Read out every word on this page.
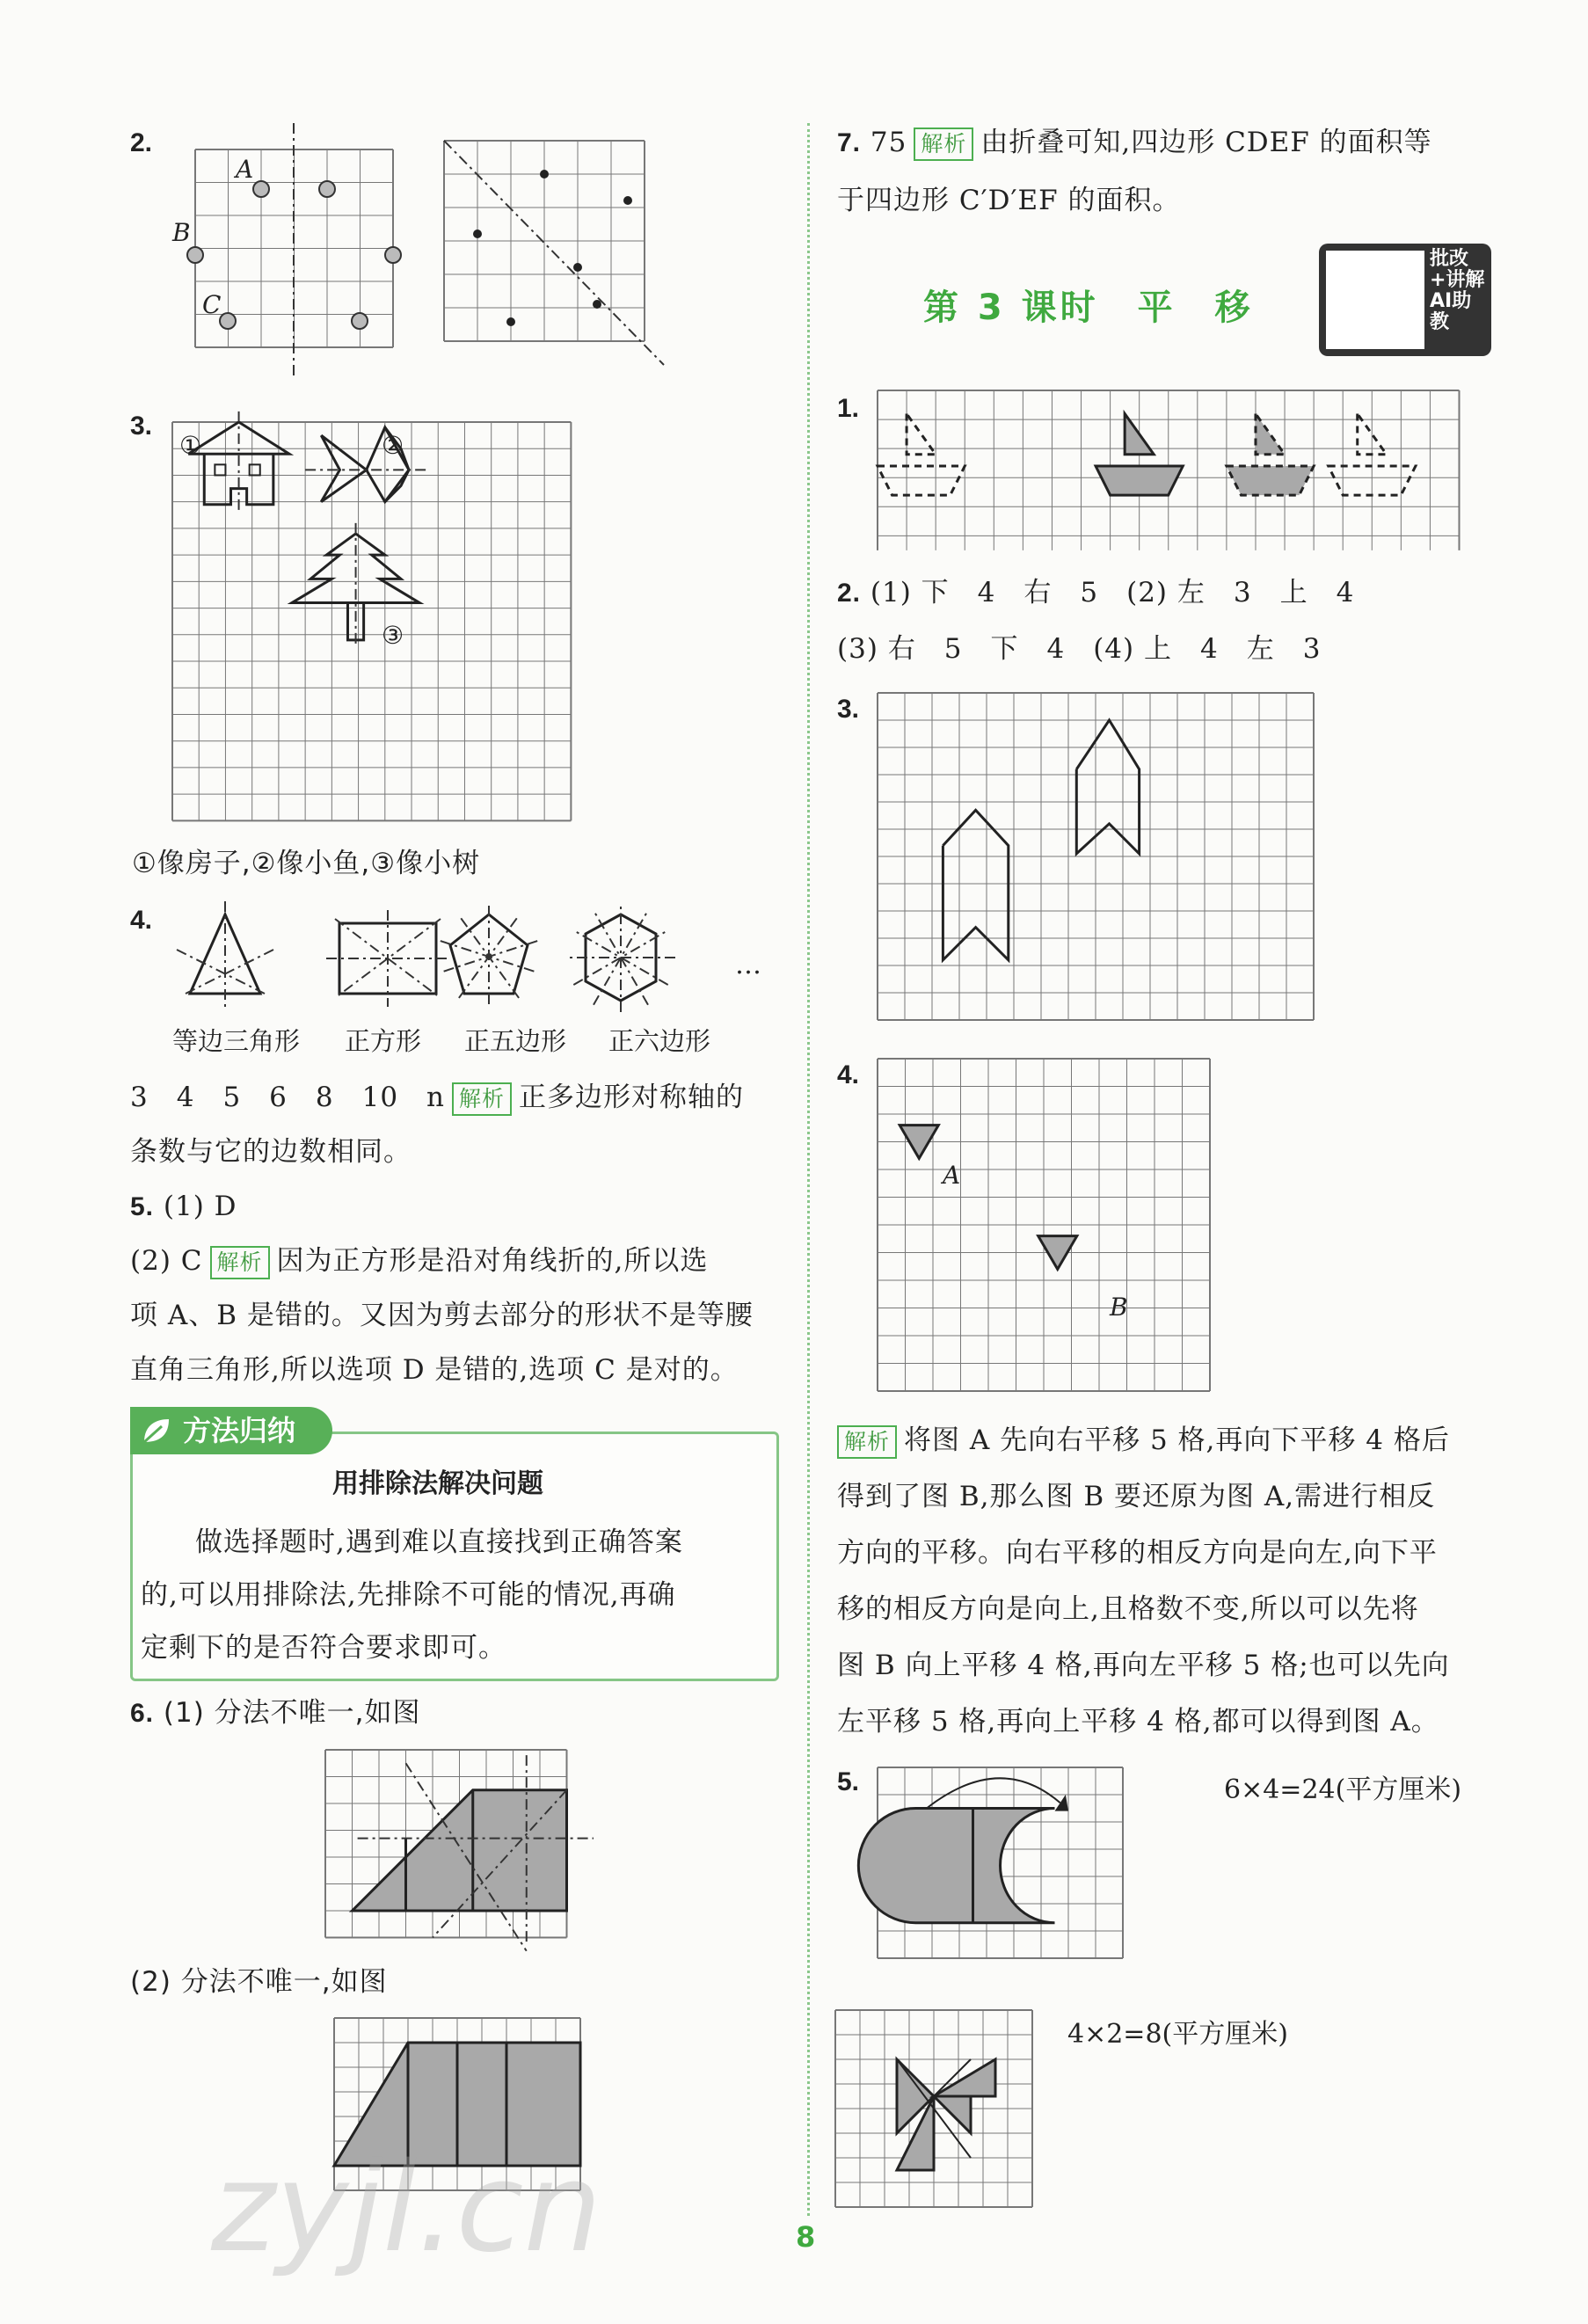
2.
A
B
C
3.
①	②
③
①像房子,②像小鱼,③像小树
4.
…
等边三角形 正方形 正五边形 正六边形
3　4　5　6　8　10　n 解析 正多边形对称轴的
条数与它的边数相同。
5. (1) D
(2) C 解析 因为正方形是沿对角线折的,所以选
项 A、B 是错的。又因为剪去部分的形状不是等腰
直角三角形,所以选项 D 是错的,选项 C 是对的。
方法归纳
用排除法解决问题
做选择题时,遇到难以直接找到正确答案
的,可以用排除法,先排除不可能的情况,再确
定剩下的是否符合要求即可。
6. (1) 分法不唯一,如图
(2) 分法不唯一,如图
7. 75 解析 由折叠可知,四边形 CDEF 的面积等
于四边形 C′D′EF 的面积。
第 3 课时　平　移
批改+讲解 AI助教
1.
2. (1) 下　4　右　5　(2) 左　3　上　4
(3) 右　5　下　4　(4) 上　4　左　3
3.
4.
A
B
解析 将图 A 先向右平移 5 格,再向下平移 4 格后
得到了图 B,那么图 B 要还原为图 A,需进行相反
方向的平移。向右平移的相反方向是向左,向下平
移的相反方向是向上,且格数不变,所以可以先将
图 B 向上平移 4 格,再向左平移 5 格;也可以先向
左平移 5 格,再向上平移 4 格,都可以得到图 A。
5.	6×4=24(平方厘米)
4×2=8(平方厘米)
8
zyjl.cn
